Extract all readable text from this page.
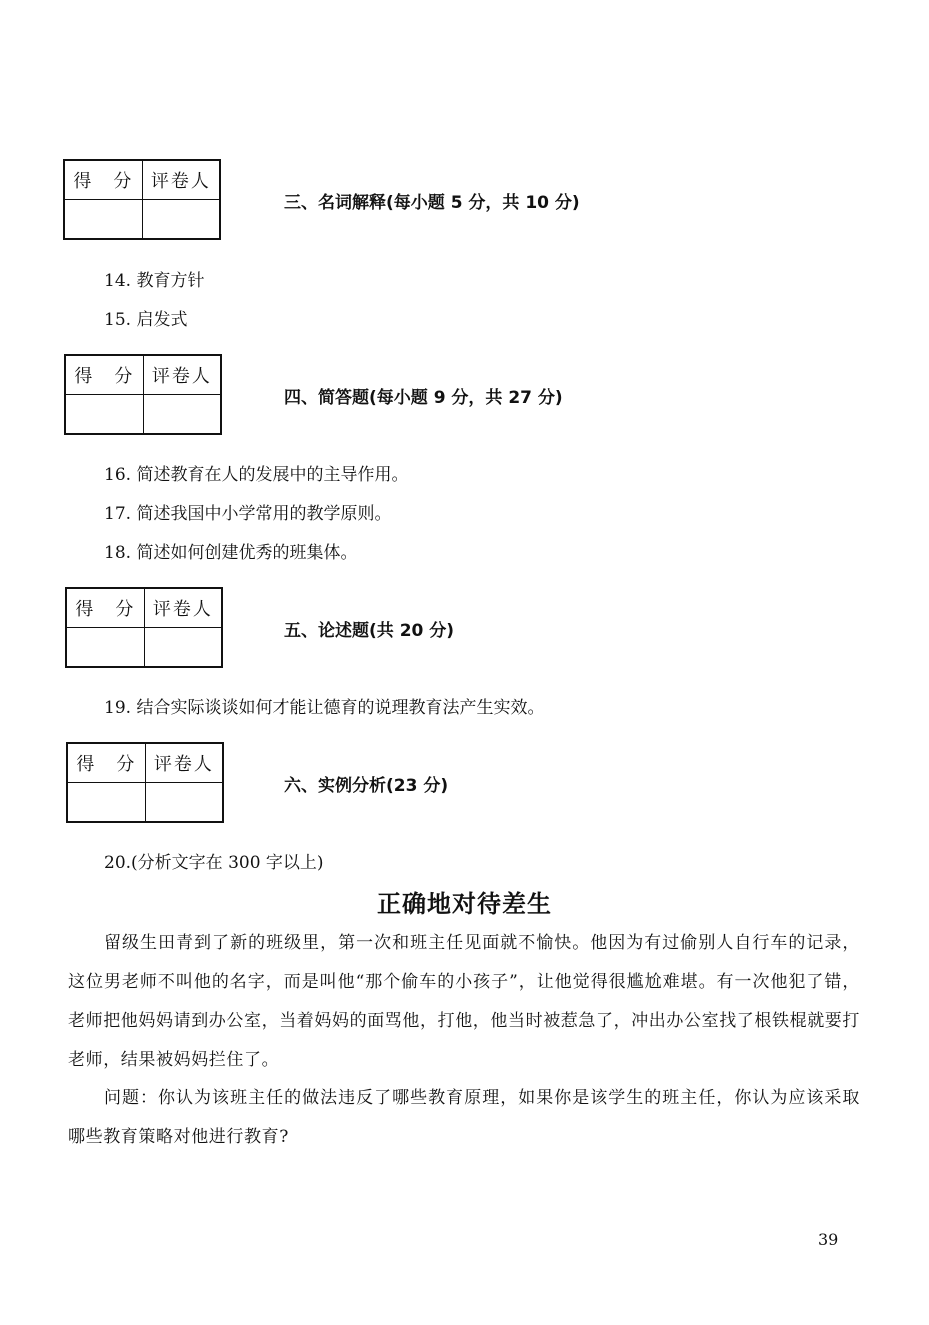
得　分	评卷人

三、名词解释(每小题 5 分，共 10 分)
14. 教育方针
15. 启发式
得　分	评卷人

四、简答题(每小题 9 分，共 27 分)
16. 简述教育在人的发展中的主导作用。
17. 简述我国中小学常用的教学原则。
18. 简述如何创建优秀的班集体。
得　分	评卷人

五、论述题(共 20 分)
19. 结合实际谈谈如何才能让德育的说理教育法产生实效。
得　分	评卷人

六、实例分析(23 分)
20.(分析文字在 300 字以上)
正确地对待差生
留级生田青到了新的班级里，第一次和班主任见面就不愉快。他因为有过偷别人自行车的记录，这位男老师不叫他的名字，而是叫他“那个偷车的小孩子”，让他觉得很尴尬难堪。有一次他犯了错，老师把他妈妈请到办公室，当着妈妈的面骂他，打他，他当时被惹急了，冲出办公室找了根铁棍就要打老师，结果被妈妈拦住了。
问题：你认为该班主任的做法违反了哪些教育原理，如果你是该学生的班主任，你认为应该采取哪些教育策略对他进行教育?
39
